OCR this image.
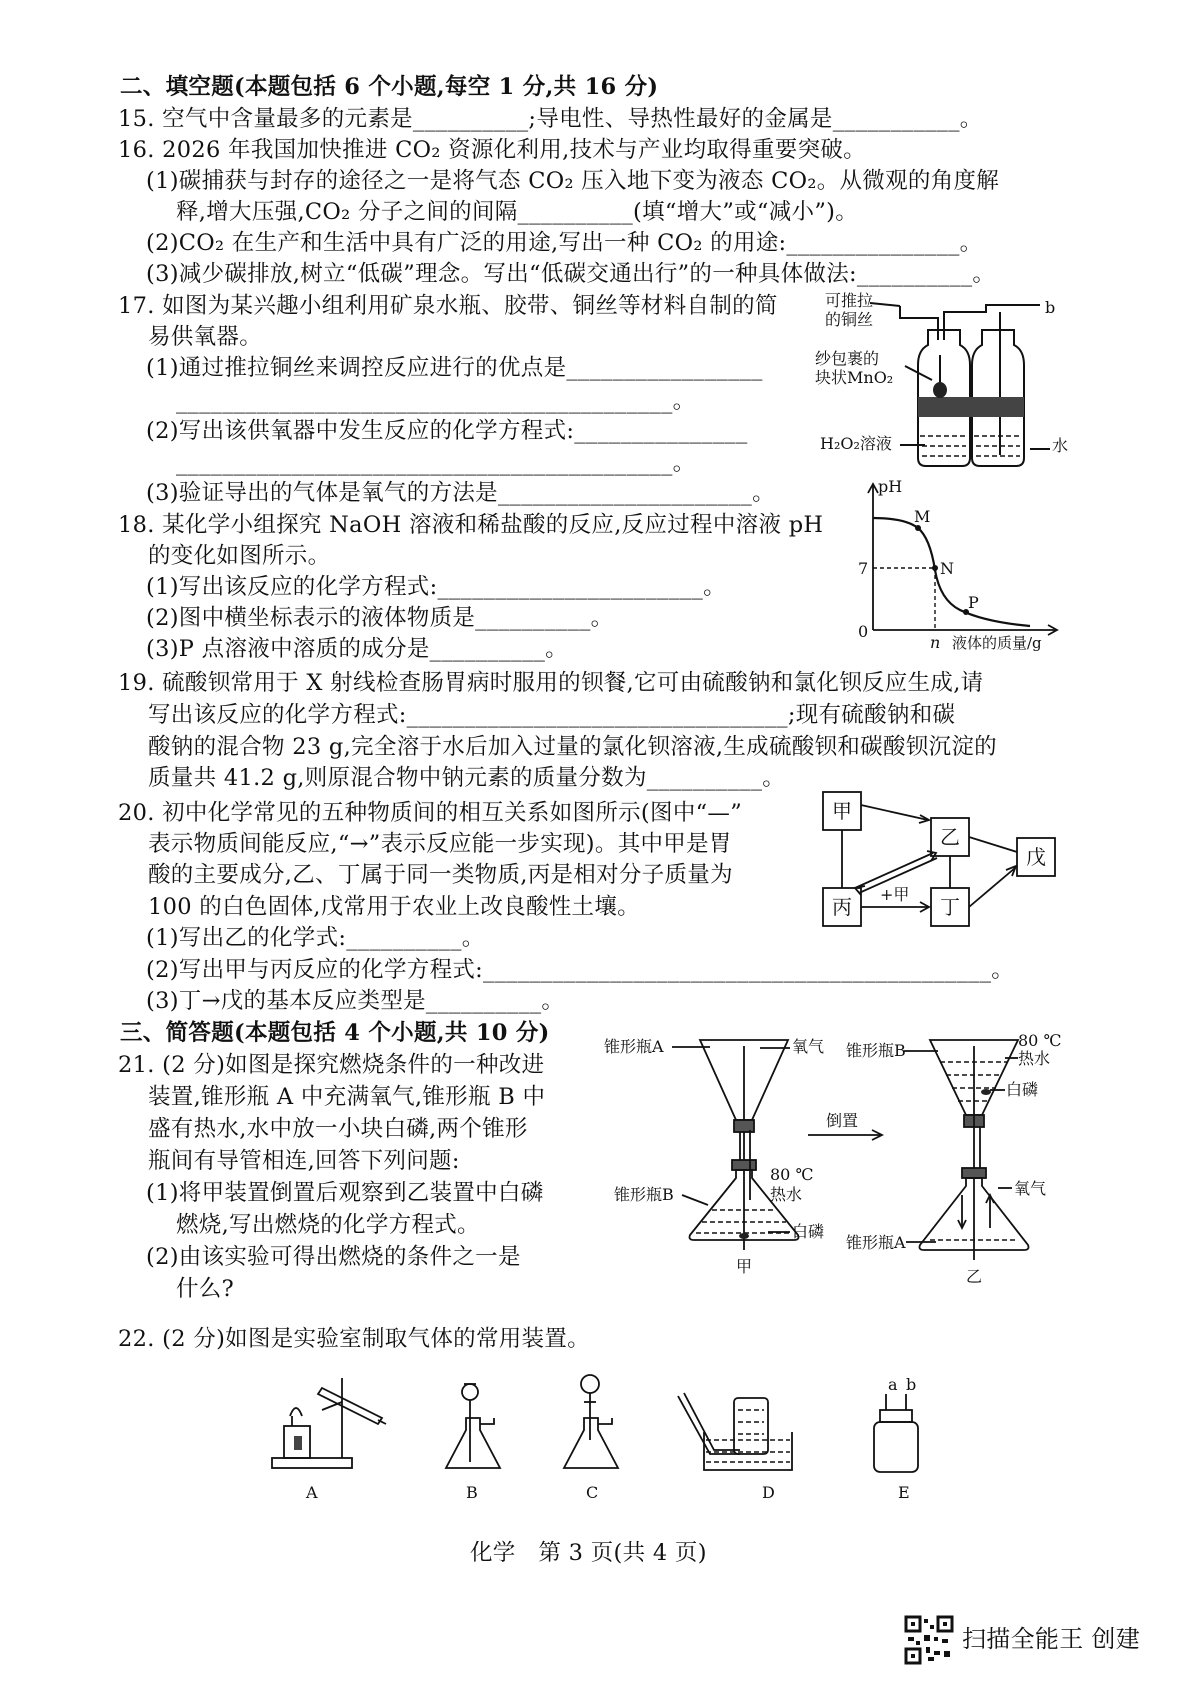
二、填空题(本题包括 6 个小题,每空 1 分,共 16 分)
15. 空气中含量最多的元素是__________;导电性、导热性最好的金属是___________。
16. 2026 年我国加快推进 CO₂ 资源化利用,技术与产业均取得重要突破。
(1)碳捕获与封存的途径之一是将气态 CO₂ 压入地下变为液态 CO₂。从微观的角度解
释,增大压强,CO₂ 分子之间的间隔__________(填“增大”或“减小”)。
(2)CO₂ 在生产和生活中具有广泛的用途,写出一种 CO₂ 的用途:_______________。
(3)减少碳排放,树立“低碳”理念。写出“低碳交通出行”的一种具体做法:__________。
17. 如图为某兴趣小组利用矿泉水瓶、胶带、铜丝等材料自制的简
易供氧器。
(1)通过推拉铜丝来调控反应进行的优点是_________________
___________________________________________。
(2)写出该供氧器中发生反应的化学方程式:_______________
___________________________________________。
(3)验证导出的气体是氧气的方法是______________________。
可推拉
的铜丝
b
纱包裹的
块状MnO₂
H₂O₂溶液	水
18. 某化学小组探究 NaOH 溶液和稀盐酸的反应,反应过程中溶液 pH
的变化如图所示。
(1)写出该反应的化学方程式:_______________________。
(2)图中横坐标表示的液体物质是__________。
(3)P 点溶液中溶质的成分是__________。
pH
7
0
n 液体的质量/g
M
N
P
19. 硫酸钡常用于 X 射线检查肠胃病时服用的钡餐,它可由硫酸钠和氯化钡反应生成,请
写出该反应的化学方程式:_________________________________;现有硫酸钠和碳
酸钠的混合物 23 g,完全溶于水后加入过量的氯化钡溶液,生成硫酸钡和碳酸钡沉淀的
质量共 41.2 g,则原混合物中钠元素的质量分数为__________。
20. 初中化学常见的五种物质间的相互关系如图所示(图中“—”
表示物质间能反应,“→”表示反应能一步实现)。其中甲是胃
酸的主要成分,乙、丁属于同一类物质,丙是相对分子质量为
100 的白色固体,戊常用于农业上改良酸性土壤。
(1)写出乙的化学式:__________。
(2)写出甲与丙反应的化学方程式:____________________________________________。
(3)丁→戊的基本反应类型是__________。
甲
乙
戊
丙	丁
+甲
三、简答题(本题包括 4 个小题,共 10 分)
21. (2 分)如图是探究燃烧条件的一种改进
装置,锥形瓶 A 中充满氧气,锥形瓶 B 中
盛有热水,水中放一小块白磷,两个锥形
瓶间有导管相连,回答下列问题:
(1)将甲装置倒置后观察到乙装置中白磷
燃烧,写出燃烧的化学方程式。
(2)由该实验可得出燃烧的条件之一是
什么?
锥形瓶A	氧气
锥形瓶B
80 ℃
热水
白磷
甲
倒置
锥形瓶B
80 ℃
热水
白磷
氧气
锥形瓶A
乙
22. (2 分)如图是实验室制取气体的常用装置。
A	B	C	D	E
a b
化学　第 3 页(共 4 页)
扫描全能王 创建
